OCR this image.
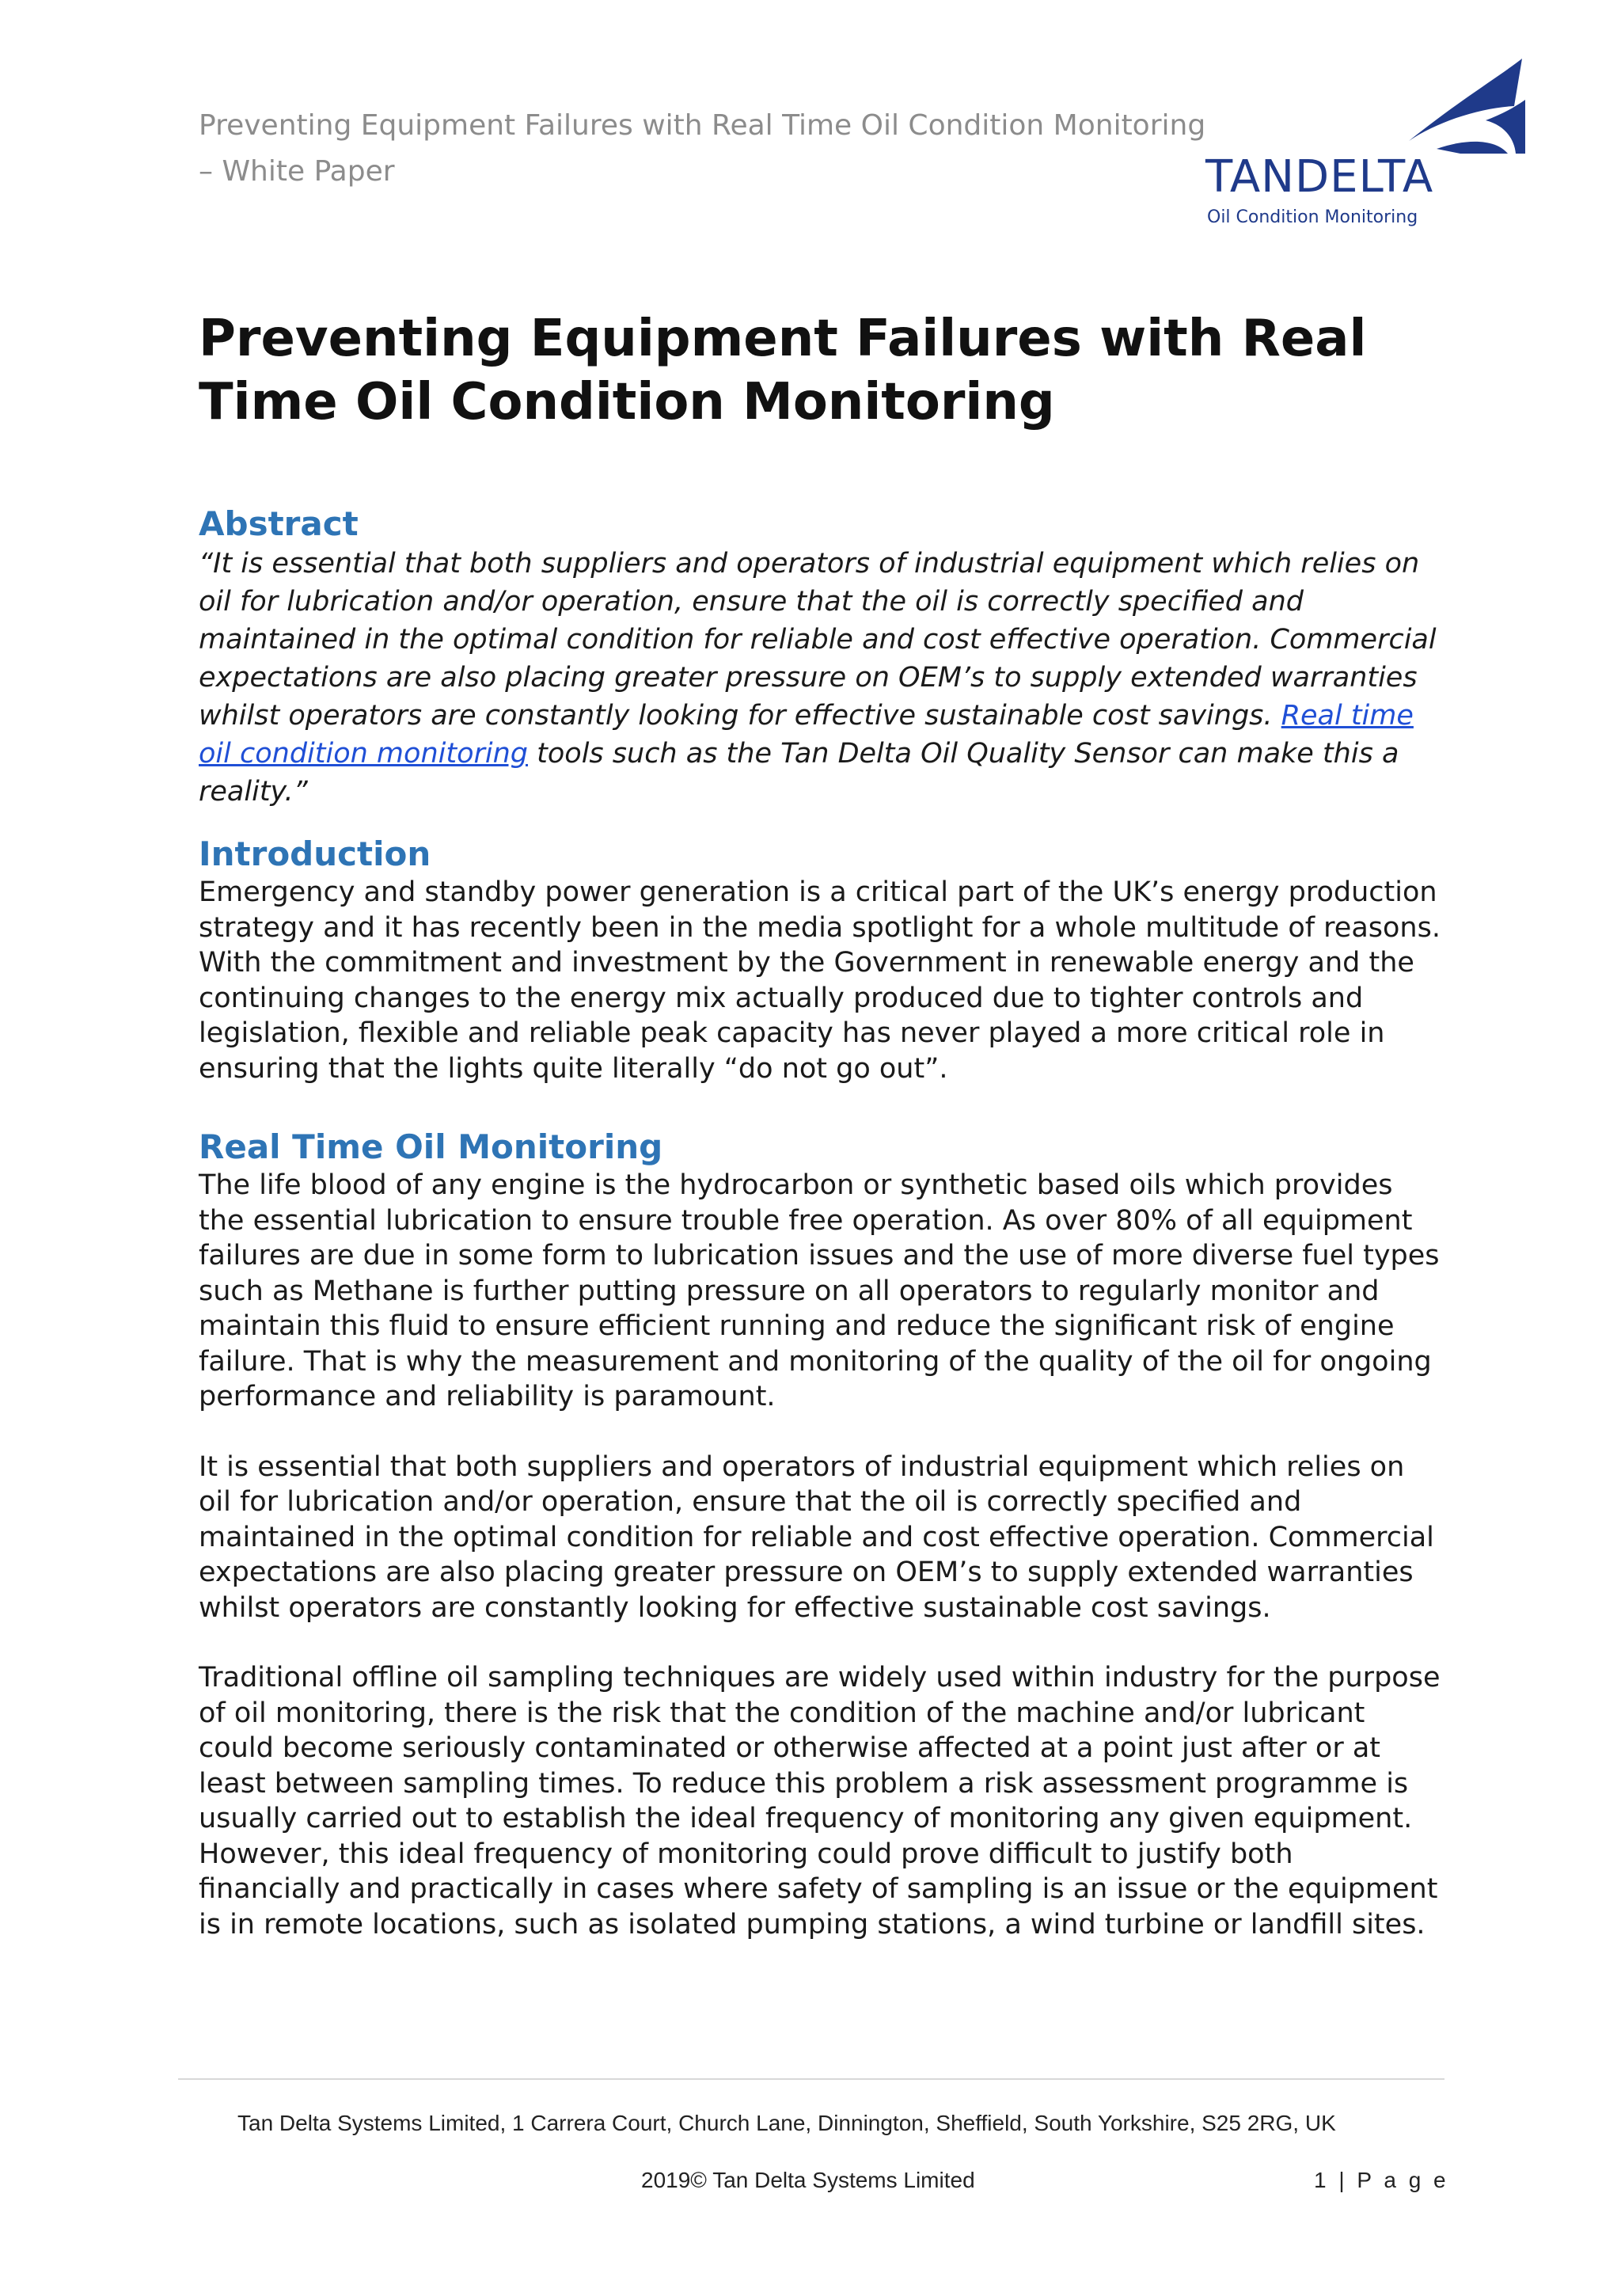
Preventing Equipment Failures with Real Time Oil Condition Monitoring
– White Paper	TANDELTA
Oil Condition Monitoring
Preventing Equipment Failures with Real
Time Oil Condition Monitoring
Abstract

“It is essential that both suppliers and operators of industrial equipment which relies on oil for lubrication and/or operation, ensure that the oil is correctly specified and maintained in the optimal condition for reliable and cost effective operation. Commercial expectations are also placing greater pressure on OEM’s to supply extended warranties whilst operators are constantly looking for effective sustainable cost savings. Real time oil condition monitoring tools such as the Tan Delta Oil Quality Sensor can make this a reality.”

Introduction

Emergency and standby power generation is a critical part of the UK’s energy production strategy and it has recently been in the media spotlight for a whole multitude of reasons. With the commitment and investment by the Government in renewable energy and the continuing changes to the energy mix actually produced due to tighter controls and legislation, flexible and reliable peak capacity has never played a more critical role in ensuring that the lights quite literally “do not go out”.

Real Time Oil Monitoring

The life blood of any engine is the hydrocarbon or synthetic based oils which provides the essential lubrication to ensure trouble free operation. As over 80% of all equipment failures are due in some form to lubrication issues and the use of more diverse fuel types such as Methane is further putting pressure on all operators to regularly monitor and maintain this fluid to ensure efficient running and reduce the significant risk of engine failure. That is why the measurement and monitoring of the quality of the oil for ongoing performance and reliability is paramount.

It is essential that both suppliers and operators of industrial equipment which relies on oil for lubrication and/or operation, ensure that the oil is correctly specified and maintained in the optimal condition for reliable and cost effective operation. Commercial expectations are also placing greater pressure on OEM’s to supply extended warranties whilst operators are constantly looking for effective sustainable cost savings.

Traditional offline oil sampling techniques are widely used within industry for the purpose of oil monitoring, there is the risk that the condition of the machine and/or lubricant could become seriously contaminated or otherwise affected at a point just after or at least between sampling times. To reduce this problem a risk assessment programme is usually carried out to establish the ideal frequency of monitoring any given equipment. However, this ideal frequency of monitoring could prove difficult to justify both financially and practically in cases where safety of sampling is an issue or the equipment is in remote locations, such as isolated pumping stations, a wind turbine or landfill sites.

Tan Delta Systems Limited, 1 Carrera Court, Church Lane, Dinnington, Sheffield, South Yorkshire, S25 2RG, UK
2019© Tan Delta Systems Limited	1 | P a g e
